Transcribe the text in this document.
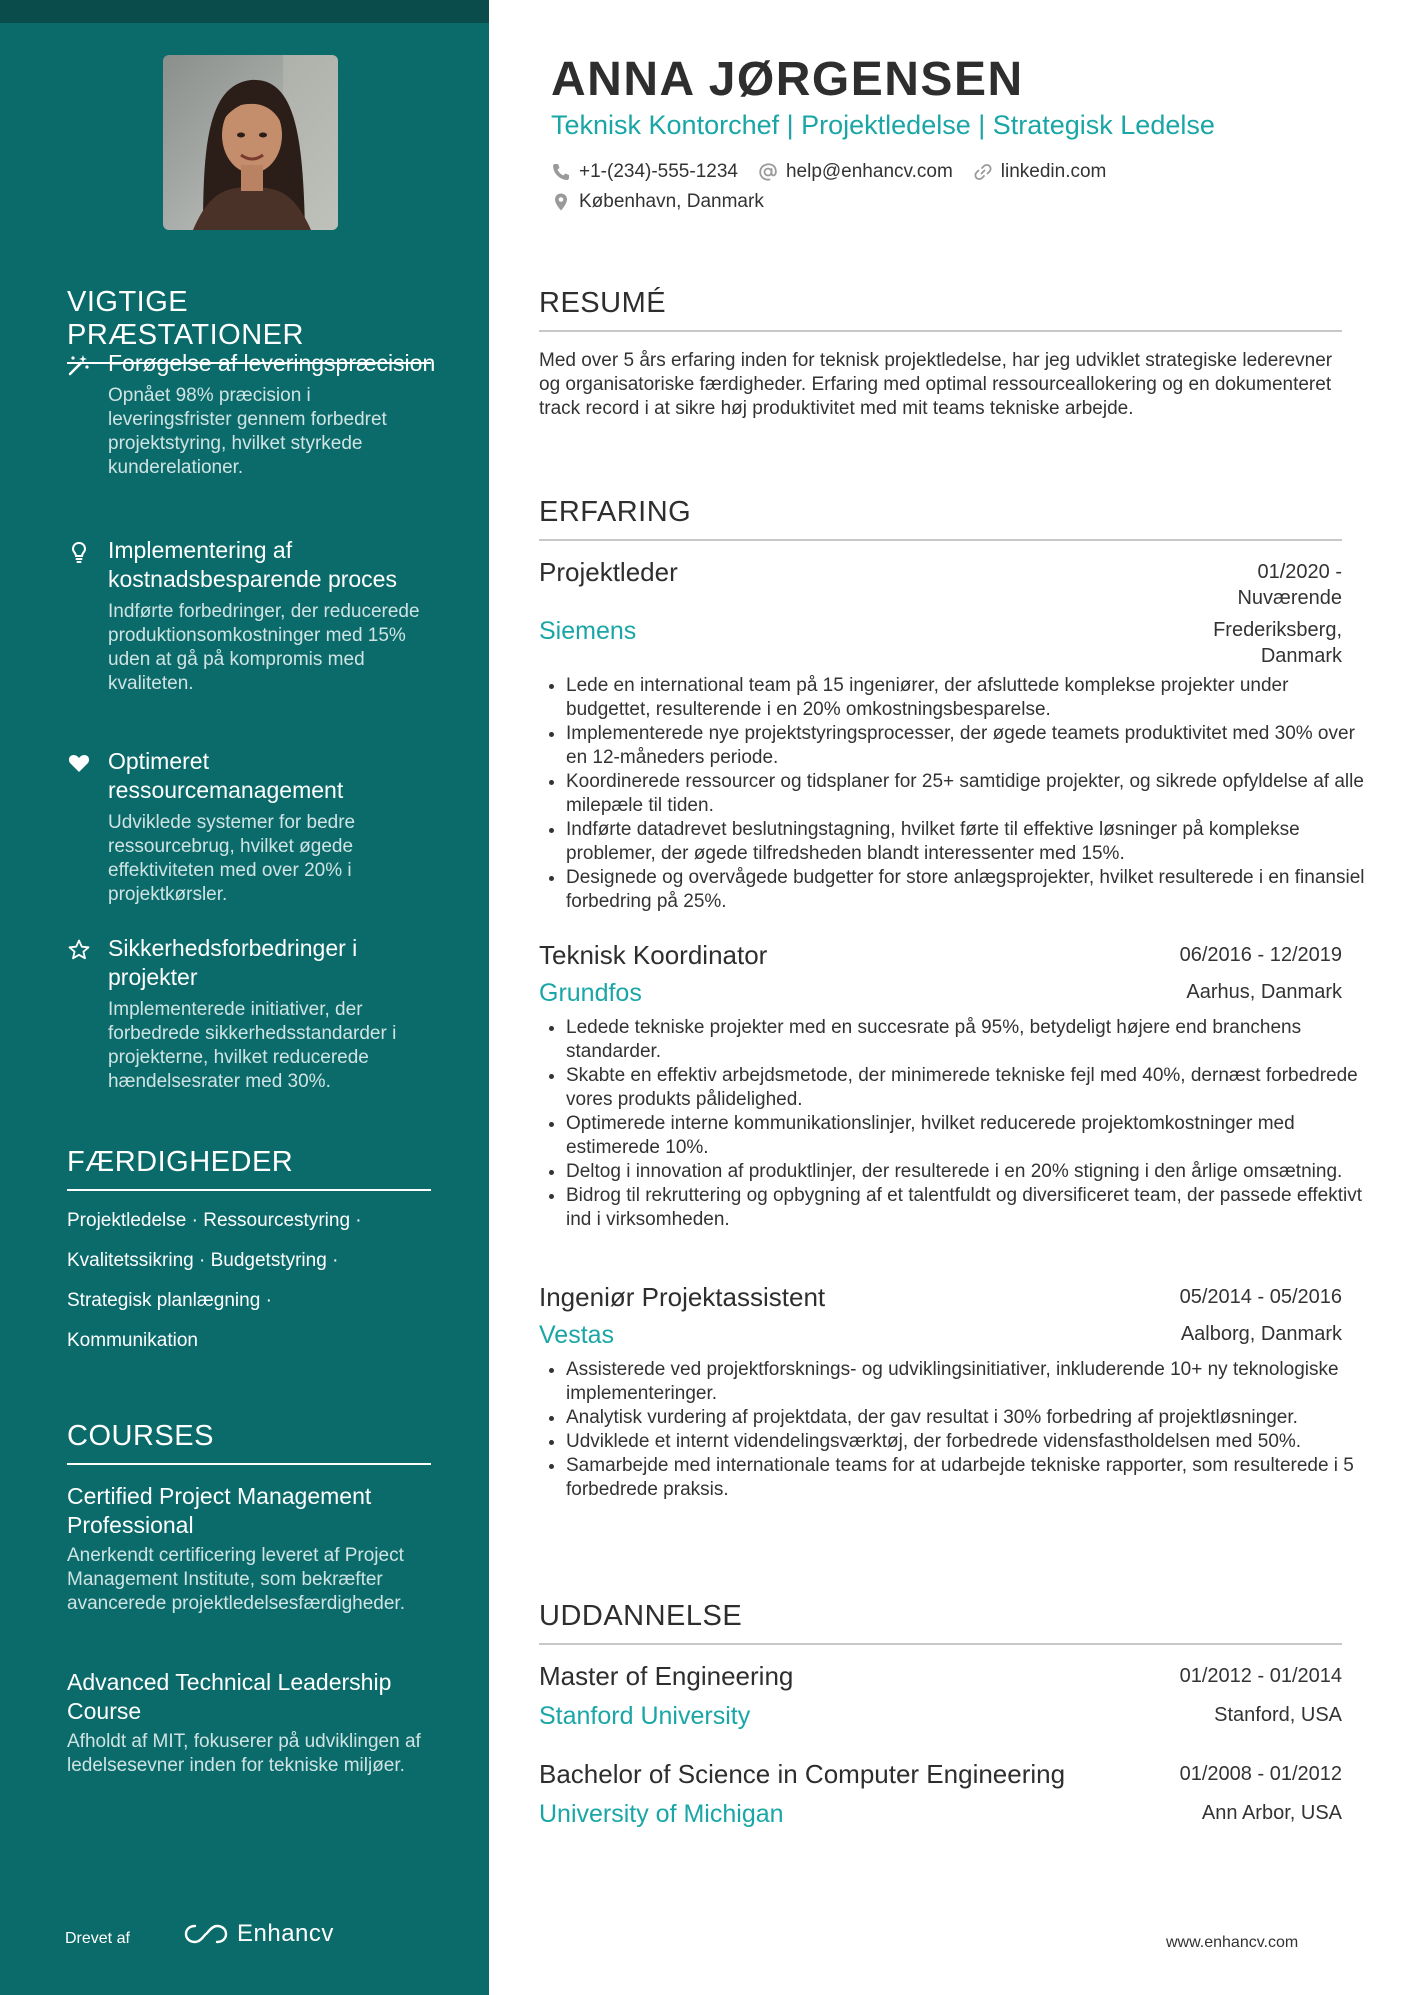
VIGTIGE PRÆSTATIONER
Forøgelse af leveringspræcision
Opnået 98% præcision i leveringsfrister gennem forbedret projektstyring, hvilket styrkede kunderelationer.
Implementering af kostnadsbesparende proces
Indførte forbedringer, der reducerede produktionsomkostninger med 15% uden at gå på kompromis med kvaliteten.
Optimeret ressourcemanagement
Udviklede systemer for bedre ressourcebrug, hvilket øgede effektiviteten med over 20% i projektkørsler.
Sikkerhedsforbedringer i projekter
Implementerede initiativer, der forbedrede sikkerhedsstandarder i projekterne, hvilket reducerede hændelsesrater med 30%.
FÆRDIGHEDER
Projektledelse · Ressourcestyring ·
Kvalitetssikring · Budgetstyring ·
Strategisk planlægning ·
Kommunikation
COURSES
Certified Project Management Professional
Anerkendt certificering leveret af Project Management Institute, som bekræfter avancerede projektledelsesfærdigheder.
Advanced Technical Leadership Course
Afholdt af MIT, fokuserer på udviklingen af ledelsesevner inden for tekniske miljøer.
Drevet af	Enhancv
ANNA JØRGENSEN
Teknisk Kontorchef | Projektledelse | Strategisk Ledelse
+1-(234)-555-1234	help@enhancv.com	linkedin.com
København, Danmark
RESUMÉ
Med over 5 års erfaring inden for teknisk projektledelse, har jeg udviklet strategiske lederevner og organisatoriske færdigheder. Erfaring med optimal ressourceallokering og en dokumenteret track record i at sikre høj produktivitet med mit teams tekniske arbejde.
ERFARING
Projektleder	01/2020 - Nuværende
Siemens	Frederiksberg, Danmark
• Lede en international team på 15 ingeniører, der afsluttede komplekse projekter under budgettet, resulterende i en 20% omkostningsbesparelse.
• Implementerede nye projektstyringsprocesser, der øgede teamets produktivitet med 30% over en 12-måneders periode.
• Koordinerede ressourcer og tidsplaner for 25+ samtidige projekter, og sikrede opfyldelse af alle milepæle til tiden.
• Indførte datadrevet beslutningstagning, hvilket førte til effektive løsninger på komplekse problemer, der øgede tilfredsheden blandt interessenter med 15%.
• Designede og overvågede budgetter for store anlægsprojekter, hvilket resulterede i en finansiel forbedring på 25%.
Teknisk Koordinator	06/2016 - 12/2019
Grundfos	Aarhus, Danmark
• Ledede tekniske projekter med en succesrate på 95%, betydeligt højere end branchens standarder.
• Skabte en effektiv arbejdsmetode, der minimerede tekniske fejl med 40%, dernæst forbedrede vores produkts pålidelighed.
• Optimerede interne kommunikationslinjer, hvilket reducerede projektomkostninger med estimerede 10%.
• Deltog i innovation af produktlinjer, der resulterede i en 20% stigning i den årlige omsætning.
• Bidrog til rekruttering og opbygning af et talentfuldt og diversificeret team, der passede effektivt ind i virksomheden.
Ingeniør Projektassistent	05/2014 - 05/2016
Vestas	Aalborg, Danmark
• Assisterede ved projektforsknings- og udviklingsinitiativer, inkluderende 10+ ny teknologiske implementeringer.
• Analytisk vurdering af projektdata, der gav resultat i 30% forbedring af projektløsninger.
• Udviklede et internt videndelingsværktøj, der forbedrede vidensfastholdelsen med 50%.
• Samarbejde med internationale teams for at udarbejde tekniske rapporter, som resulterede i 5 forbedrede praksis.
UDDANNELSE
Master of Engineering	01/2012 - 01/2014
Stanford University	Stanford, USA
Bachelor of Science in Computer Engineering	01/2008 - 01/2012
University of Michigan	Ann Arbor, USA
www.enhancv.com
